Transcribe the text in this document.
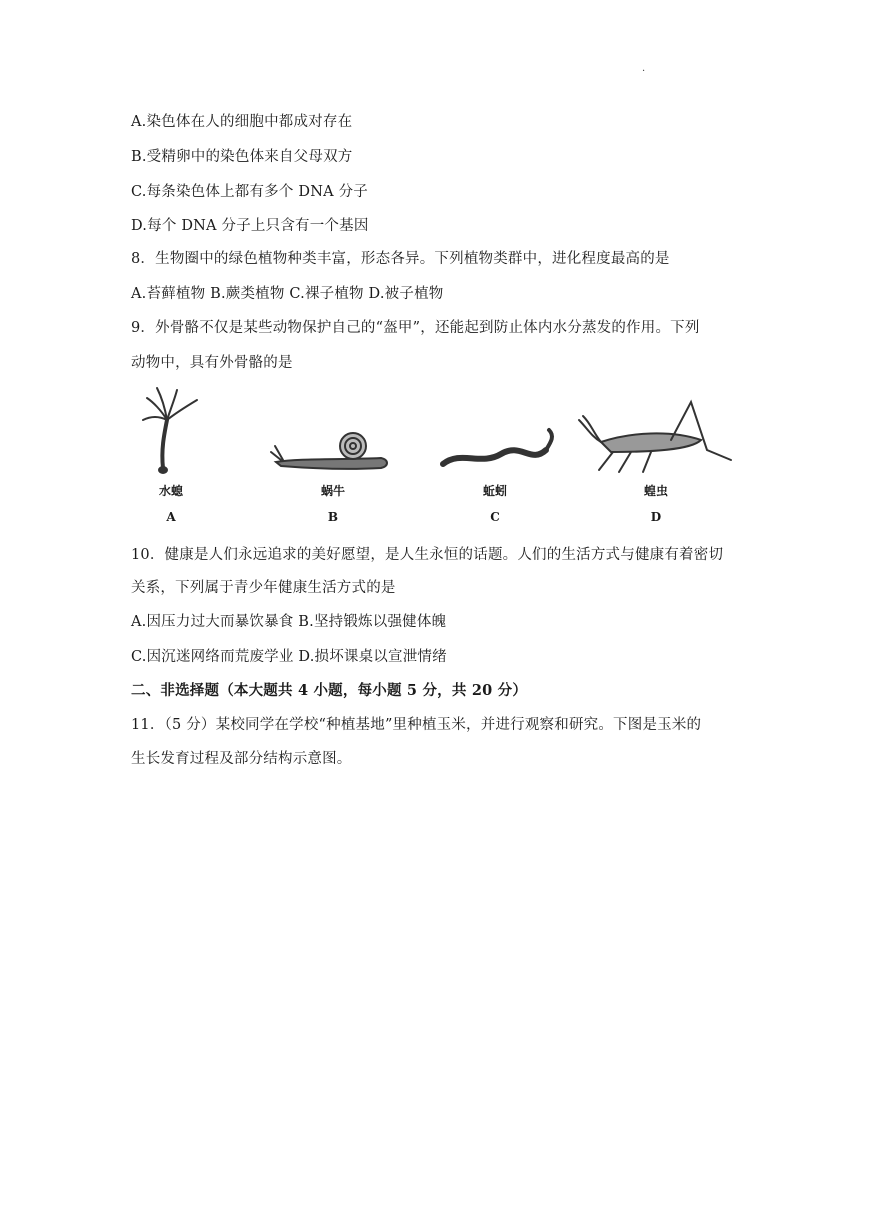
·
A.染色体在人的细胞中都成对存在
B.受精卵中的染色体来自父母双方
C.每条染色体上都有多个 DNA 分子
D.每个 DNA 分子上只含有一个基因
8．生物圈中的绿色植物种类丰富，形态各异。下列植物类群中，进化程度最高的是
A.苔藓植物 B.蕨类植物 C.裸子植物 D.被子植物
9．外骨骼不仅是某些动物保护自己的“盔甲”，还能起到防止体内水分蒸发的作用。下列
动物中，具有外骨骼的是
水螅
A
蜗牛
B
蚯蚓
C
蝗虫
D
10．健康是人们永远追求的美好愿望，是人生永恒的话题。人们的生活方式与健康有着密切
关系，下列属于青少年健康生活方式的是
A.因压力过大而暴饮暴食 B.坚持锻炼以强健体魄
C.因沉迷网络而荒废学业 D.损坏课桌以宣泄情绪
二、非选择题（本大题共 4 小题，每小题 5 分，共 20 分）
11．（5 分）某校同学在学校“种植基地”里种植玉米，并进行观察和研究。下图是玉米的
生长发育过程及部分结构示意图。
